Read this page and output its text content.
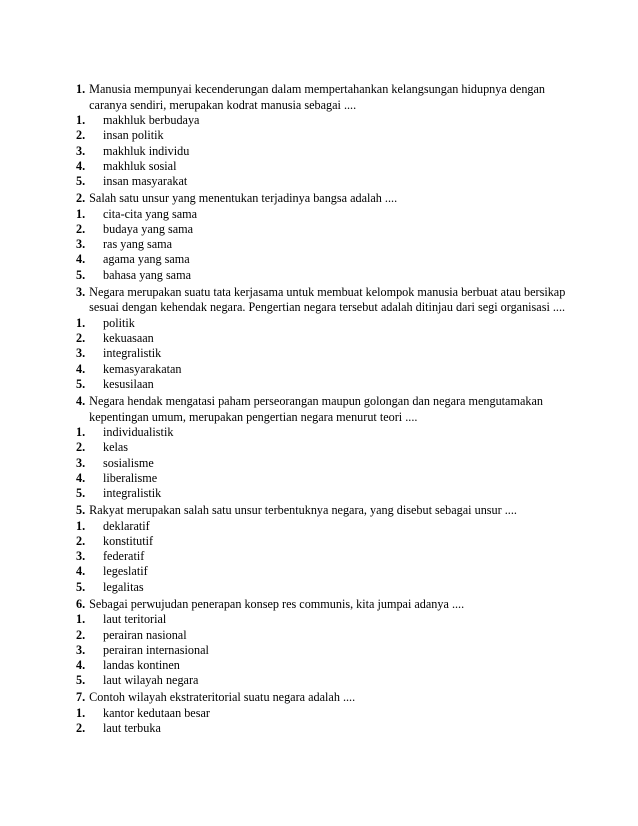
1. Manusia mempunyai kecenderungan dalam mempertahankan kelangsungan hidupnya dengan caranya sendiri, merupakan kodrat manusia sebagai ....
1.	makhluk berbudaya
2.	insan politik
3.	makhluk individu
4.	makhluk sosial
5.	insan masyarakat
2. Salah satu unsur yang menentukan terjadinya bangsa adalah ....
1.	cita-cita yang sama
2.	budaya yang sama
3.	ras yang sama
4.	agama yang sama
5.	bahasa yang sama
3. Negara merupakan suatu tata kerjasama untuk membuat kelompok manusia berbuat atau bersikap sesuai dengan kehendak negara. Pengertian negara tersebut adalah ditinjau dari segi organisasi ....
1.	politik
2.	kekuasaan
3.	integralistik
4.	kemasyarakatan
5.	kesusilaan
4. Negara hendak mengatasi paham perseorangan maupun golongan dan negara mengutamakan kepentingan umum, merupakan pengertian negara menurut teori ....
1.	individualistik
2.	kelas
3.	sosialisme
4.	liberalisme
5.	integralistik
5. Rakyat merupakan salah satu unsur terbentuknya negara, yang disebut sebagai unsur ....
1.	deklaratif
2.	konstitutif
3.	federatif
4.	legeslatif
5.	legalitas
6. Sebagai perwujudan penerapan konsep res communis, kita jumpai adanya ....
1.	laut teritorial
2.	perairan nasional
3.	perairan internasional
4.	landas kontinen
5.	laut wilayah negara
7. Contoh wilayah ekstrateritorial suatu negara adalah ....
1.	kantor kedutaan besar
2.	laut terbuka
